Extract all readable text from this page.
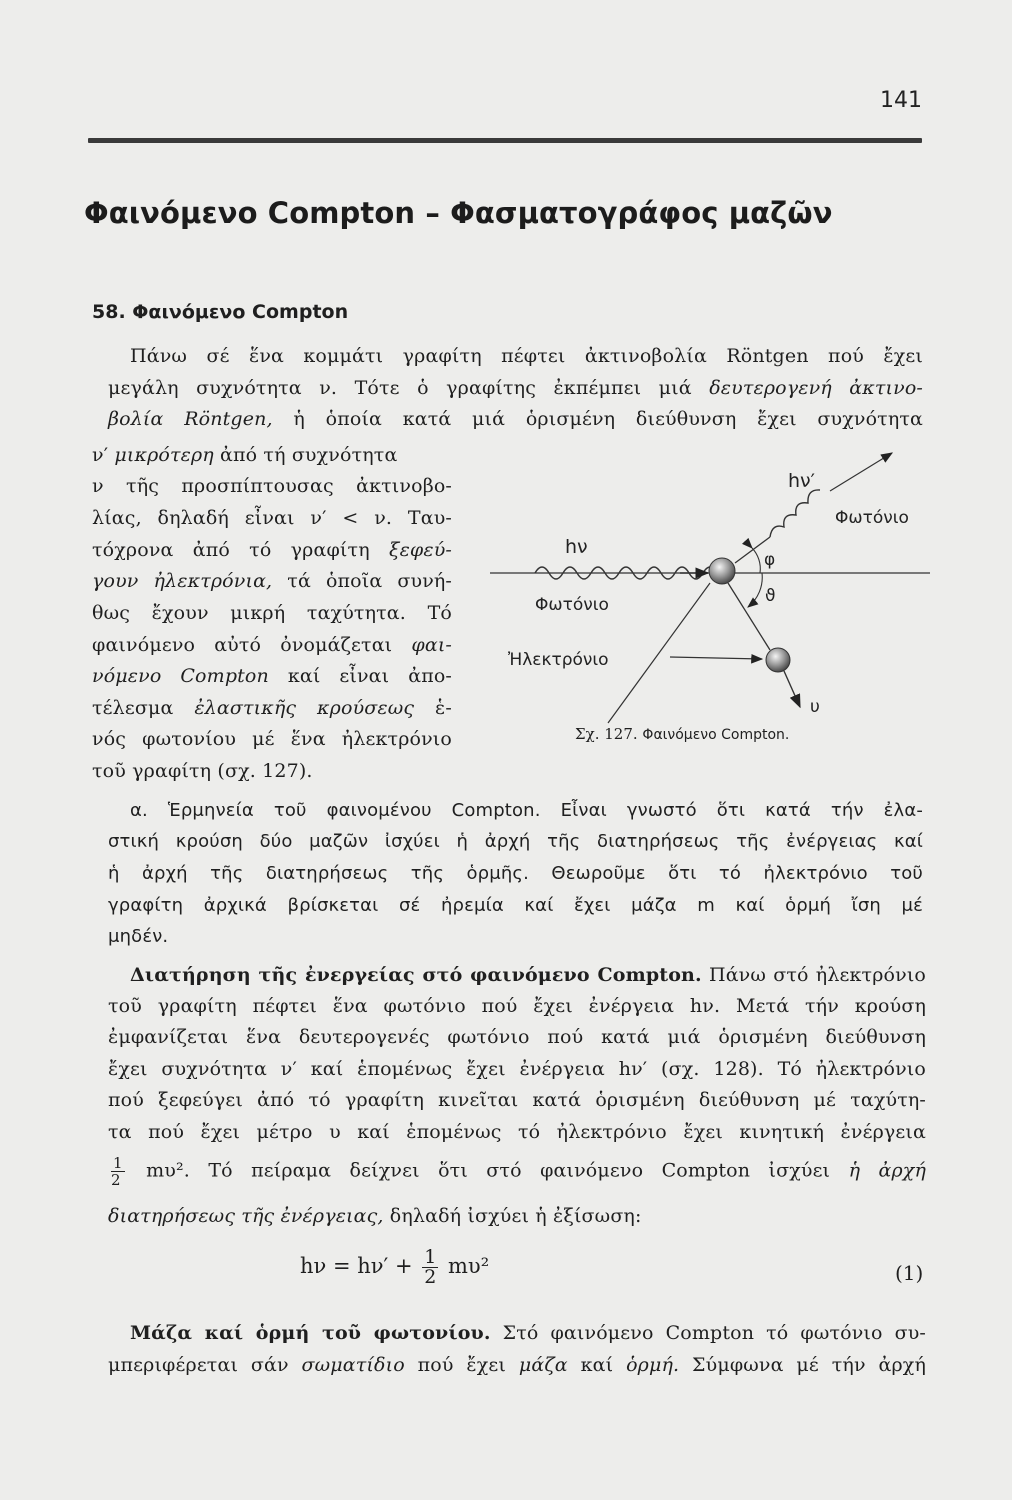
141
Φαινόμενο Compton – Φασματογράφος μαζῶν
58. Φαινόμενο Compton
Πάνω σέ ἕνα κομμάτι γραφίτη πέφτει ἀκτινοβολία Röntgen πού ἔχει
μεγάλη συχνότητα ν. Τότε ὁ γραφίτης ἐκπέμπει μιά δευτερογενή ἀκτινο-
βολία Röntgen, ἡ ὁποία κατά μιά ὁρισμένη διεύθυνση ἔχει συχνότητα
ν′ μικρότερη ἀπό τή συχνότητα
ν τῆς προσπίπτουσας ἀκτινοβο-
λίας, δηλαδή εἶναι ν′ < ν. Ταυ-
τόχρονα ἀπό τό γραφίτη ξεφεύ-
γουν ἠλεκτρόνια, τά ὁποῖα συνή-
θως ἔχουν μικρή ταχύτητα. Τό
φαινόμενο αὐτό ὀνομάζεται φαι-
νόμενο Compton καί εἶναι ἀπο-
τέλεσμα ἐλαστικῆς κρούσεως ἑ-
νός φωτονίου μέ ἕνα ἠλεκτρόνιο
τοῦ γραφίτη (σχ. 127).
hν
Φωτόνιο
hν′
Φωτόνιο
φ
ϑ
Ἠλεκτρόνιο
υ
Σχ. 127. Φαινόμενο Compton.
α. Ἑρμηνεία τοῦ φαινομένου Compton. Εἶναι γνωστό ὅτι κατά τήν ἐλα-
στική κρούση δύο μαζῶν ἰσχύει ἡ ἀρχή τῆς διατηρήσεως τῆς ἐνέργειας καί
ἡ ἀρχή τῆς διατηρήσεως τῆς ὁρμῆς. Θεωροῦμε ὅτι τό ἠλεκτρόνιο τοῦ
γραφίτη ἀρχικά βρίσκεται σέ ἠρεμία καί ἔχει μάζα m καί ὁρμή ἴση μέ
μηδέν.
Διατήρηση τῆς ἐνεργείας στό φαινόμενο Compton. Πάνω στό ἠλεκτρόνιο
τοῦ γραφίτη πέφτει ἕνα φωτόνιο πού ἔχει ἐνέργεια hν. Μετά τήν κρούση
ἐμφανίζεται ἕνα δευτερογενές φωτόνιο πού κατά μιά ὁρισμένη διεύθυνση
ἔχει συχνότητα ν′ καί ἑπομένως ἔχει ἐνέργεια hν′ (σχ. 128). Τό ἠλεκτρόνιο
πού ξεφεύγει ἀπό τό γραφίτη κινεῖται κατά ὁρισμένη διεύθυνση μέ ταχύτη-
τα πού ἔχει μέτρο υ καί ἑπομένως τό ἠλεκτρόνιο ἔχει κινητική ἐνέργεια
$\frac{1}{2} m\upsilon^2$. Τό πείραμα δείχνει ὅτι στό φαινόμενο Compton ἰσχύει ἡ ἀρχή
διατηρήσεως τῆς ἐνέργειας, δηλαδή ἰσχύει ἡ ἐξίσωση:
$h\nu = h\nu' + \frac{1}{2} m\upsilon^2$	(1)
Μάζα καί ὁρμή τοῦ φωτονίου. Στό φαινόμενο Compton τό φωτόνιο συ-
μπεριφέρεται σάν σωματίδιο πού ἔχει μάζα καί ὁρμή. Σύμφωνα μέ τήν ἀρχή
